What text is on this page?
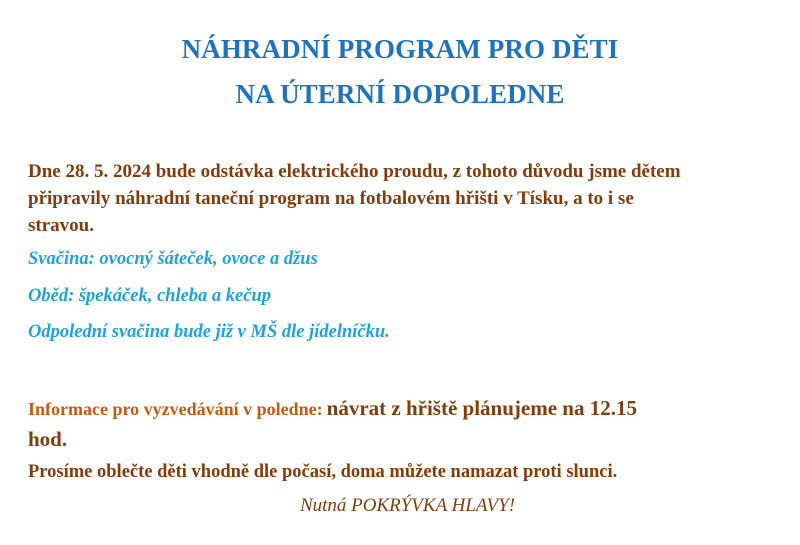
NÁHRADNÍ PROGRAM PRO DĚTI
NA ÚTERNÍ DOPOLEDNE
Dne 28. 5. 2024 bude odstávka elektrického proudu, z tohoto důvodu jsme dětem
připravily náhradní taneční program na fotbalovém hřišti v Tísku, a to i se
stravou.
Svačina: ovocný šáteček, ovoce a džus
Oběd: špekáček, chleba a kečup
Odpolední svačina bude již v MŠ dle jídelníčku.
Informace pro vyzvedávání v poledne: návrat z hřiště plánujeme na 12.15
hod.
Prosíme oblečte děti vhodně dle počasí, doma můžete namazat proti slunci.
Nutná POKRÝVKA HLAVY!
